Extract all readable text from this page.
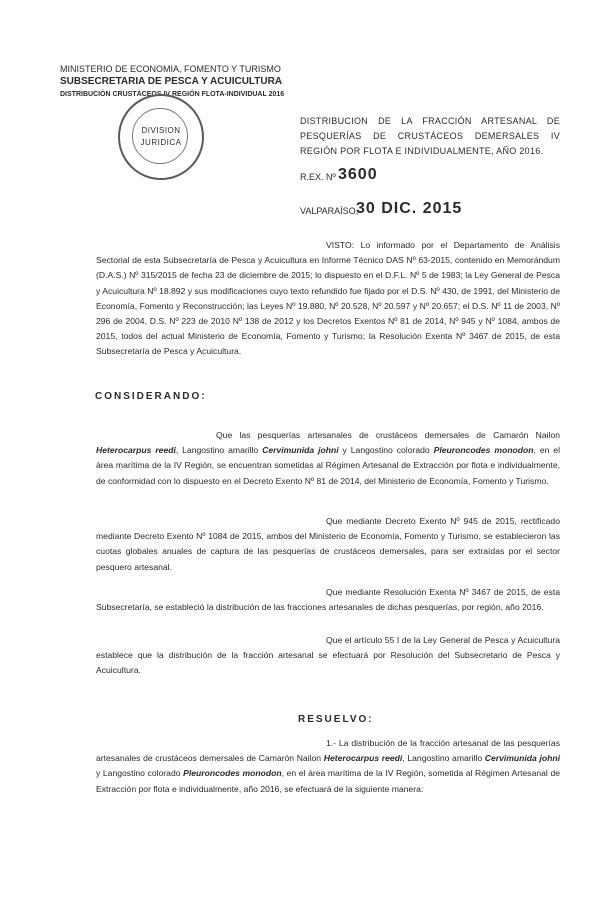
MINISTERIO DE ECONOMIA, FOMENTO Y TURISMO
SUBSECRETARIA DE PESCA Y ACUICULTURA
DISTRIBUCIÓN CRUSTÁCEOS IV REGIÓN FLOTA-INDIVIDUAL 2016
DIVISION
JURIDICA
DISTRIBUCION DE LA FRACCIÓN ARTESANAL DE PESQUERÍAS DE CRUSTÁCEOS DEMERSALES IV REGIÓN POR FLOTA E INDIVIDUALMENTE, AÑO 2016.
R.EX. Nº 3600
VALPARAÍSO,
30 DIC. 2015
VISTO: Lo informado por el Departamento de Análisis Sectorial de esta Subsecretaría de Pesca y Acuicultura en Informe Técnico DAS Nº 63-2015, contenido en Memorándum (D.A.S.) Nº 315/2015 de fecha 23 de diciembre de 2015; lo dispuesto en el D.F.L. Nº 5 de 1983; la Ley General de Pesca y Acuicultura Nº 18.892 y sus modificaciones cuyo texto refundido fue fijado por el D.S. Nº 430, de 1991, del Ministerio de Economía, Fomento y Reconstrucción; las Leyes Nº 19.880, Nº 20.528, Nº 20.597 y Nº 20.657; el D.S. Nº 11 de 2003, Nº 296 de 2004, D.S. Nº 223 de 2010 Nº 138 de 2012 y los Decretos Exentos Nº 81 de 2014, Nº 945 y Nº 1084, ambos de 2015, todos del actual Ministerio de Economía, Fomento y Turismo; la Resolución Exenta Nº 3467 de 2015, de esta Subsecretaría de Pesca y Acuicultura.
CONSIDERANDO:
Que las pesquerías artesanales de crustáceos demersales de Camarón Nailon Heterocarpus reedi, Langostino amarillo Cervimunida johni y Langostino colorado Pleuroncodes monodon, en el área marítima de la IV Región, se encuentran sometidas al Régimen Artesanal de Extracción por flota e individualmente, de conformidad con lo dispuesto en el Decreto Exento Nº 81 de 2014, del Ministerio de Economía, Fomento y Turismo.
Que mediante Decreto Exento Nº 945 de 2015, rectificado mediante Decreto Exento Nº 1084 de 2015, ambos del Ministerio de Economía, Fomento y Turismo, se establecieron las cuotas globales anuales de captura de las pesquerías de crustáceos demersales, para ser extraídas por el sector pesquero artesanal.
Que mediante Resolución Exenta Nº 3467 de 2015, de esta Subsecretaría, se estableció la distribución de las fracciones artesanales de dichas pesquerías, por región, año 2016.
Que el artículo 55 I de la Ley General de Pesca y Acuicultura establece que la distribución de la fracción artesanal se efectuará por Resolución del Subsecretario de Pesca y Acuicultura.
RESUELVO:
1.- La distribución de la fracción artesanal de las pesquerías artesanales de crustáceos demersales de Camarón Nailon Heterocarpus reedi, Langostino amarillo Cervimunida johni y Langostino colorado Pleuroncodes monodon, en el área marítima de la IV Región, sometida al Régimen Artesanal de Extracción por flota e individualmente, año 2016, se efectuará de la siguiente manera:
